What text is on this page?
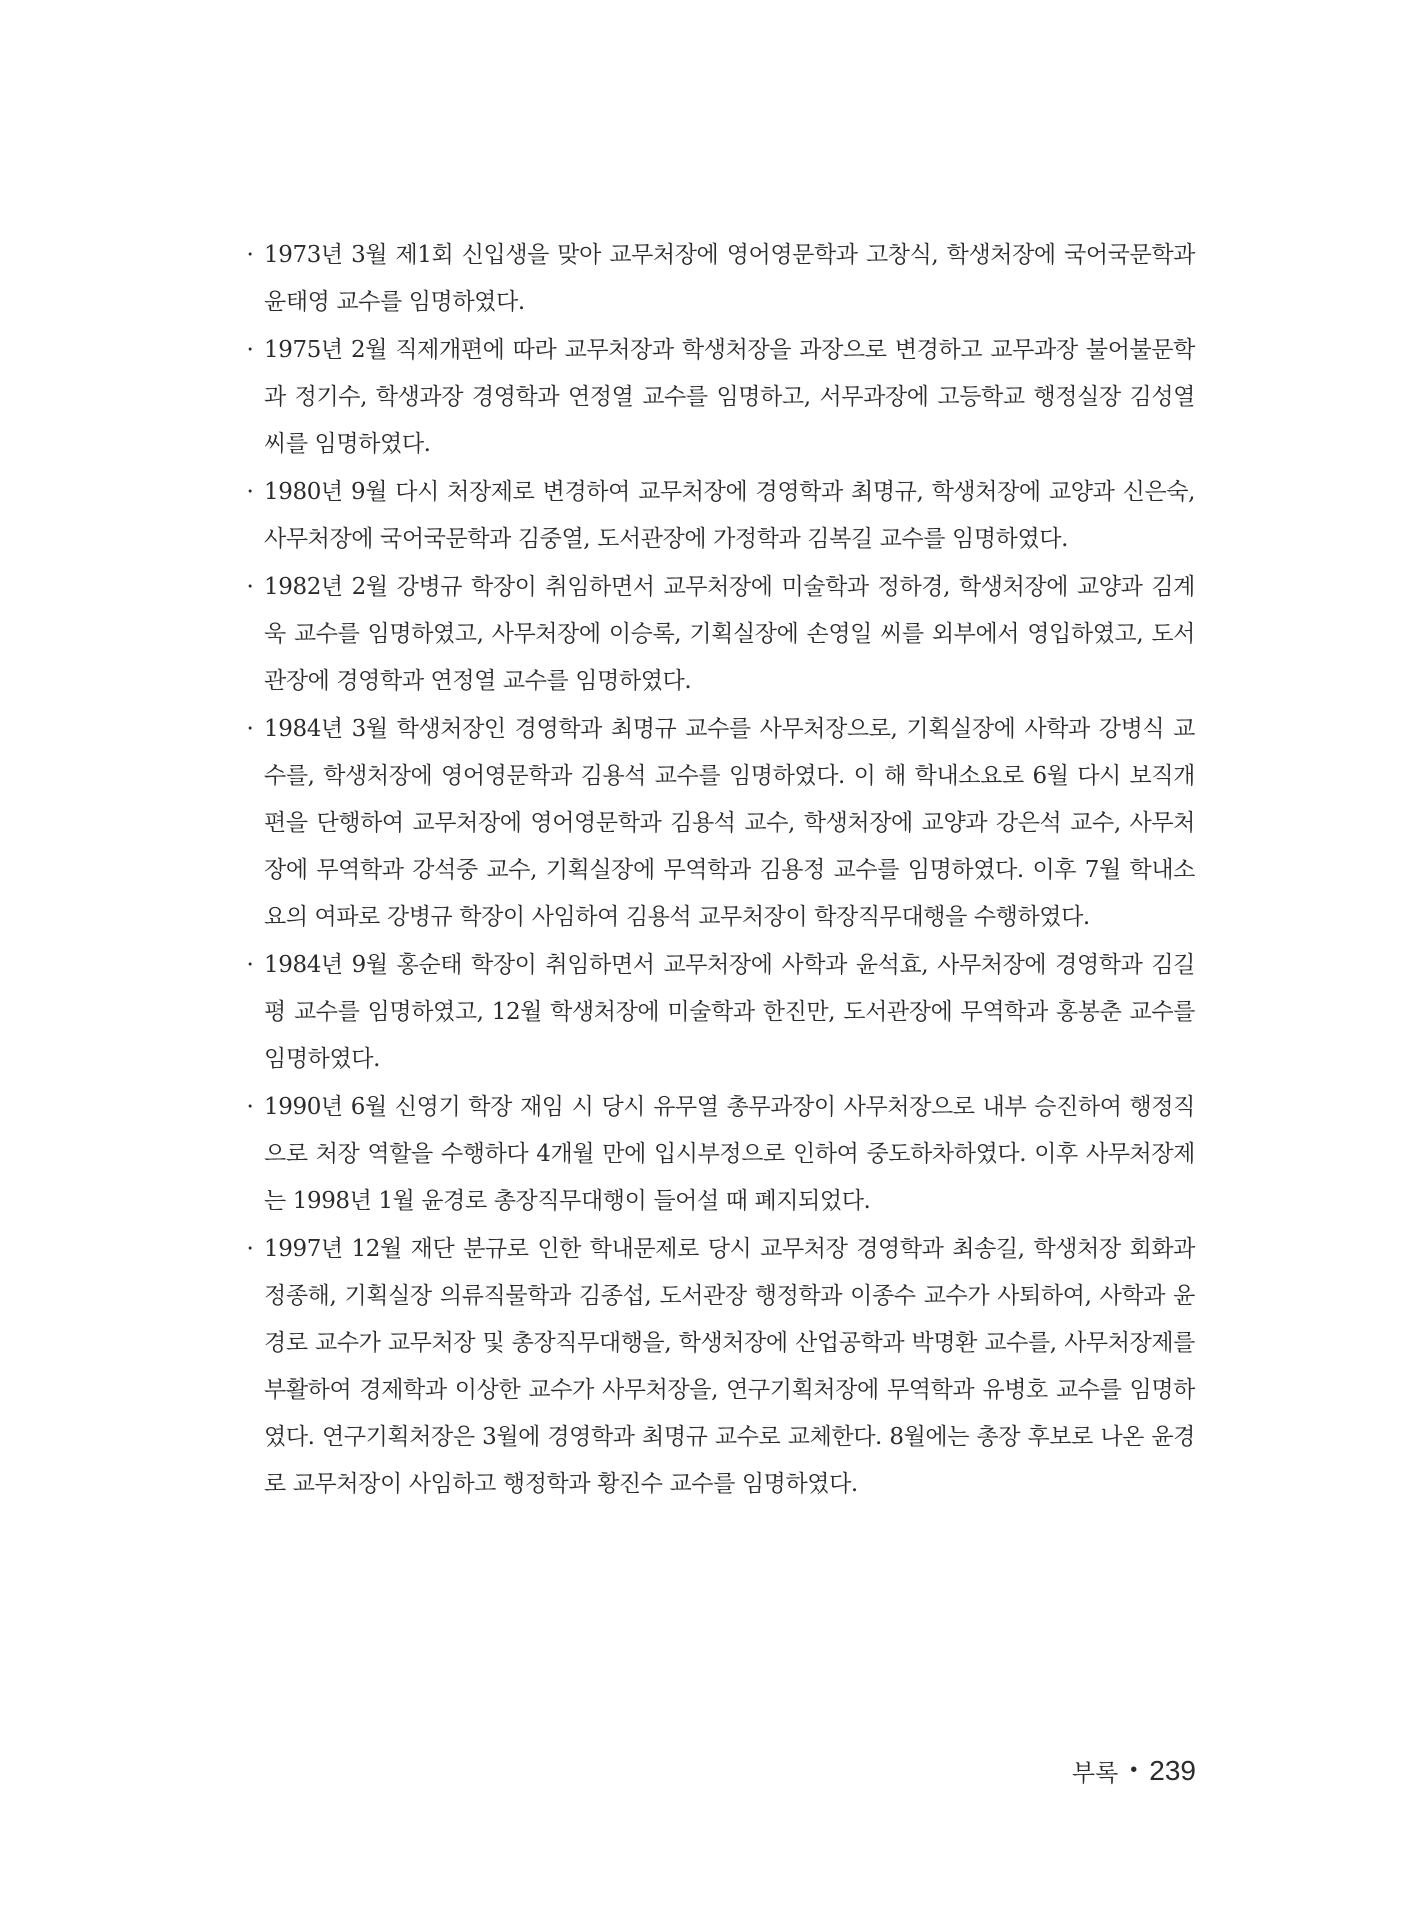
· 1973년 3월 제1회 신입생을 맞아 교무처장에 영어영문학과 고창식, 학생처장에 국어국문학과 윤태영 교수를 임명하였다.
· 1975년 2월 직제개편에 따라 교무처장과 학생처장을 과장으로 변경하고 교무과장 불어불문학과 정기수, 학생과장 경영학과 연정열 교수를 임명하고, 서무과장에 고등학교 행정실장 김성열 씨를 임명하였다.
· 1980년 9월 다시 처장제로 변경하여 교무처장에 경영학과 최명규, 학생처장에 교양과 신은숙, 사무처장에 국어국문학과 김중열, 도서관장에 가정학과 김복길 교수를 임명하였다.
· 1982년 2월 강병규 학장이 취임하면서 교무처장에 미술학과 정하경, 학생처장에 교양과 김계욱 교수를 임명하였고, 사무처장에 이승록, 기획실장에 손영일 씨를 외부에서 영입하였고, 도서관장에 경영학과 연정열 교수를 임명하였다.
· 1984년 3월 학생처장인 경영학과 최명규 교수를 사무처장으로, 기획실장에 사학과 강병식 교수를, 학생처장에 영어영문학과 김용석 교수를 임명하였다. 이 해 학내소요로 6월 다시 보직개편을 단행하여 교무처장에 영어영문학과 김용석 교수, 학생처장에 교양과 강은석 교수, 사무처장에 무역학과 강석중 교수, 기획실장에 무역학과 김용정 교수를 임명하였다. 이후 7월 학내소요의 여파로 강병규 학장이 사임하여 김용석 교무처장이 학장직무대행을 수행하였다.
· 1984년 9월 홍순태 학장이 취임하면서 교무처장에 사학과 윤석효, 사무처장에 경영학과 김길평 교수를 임명하였고, 12월 학생처장에 미술학과 한진만, 도서관장에 무역학과 홍봉춘 교수를 임명하였다.
· 1990년 6월 신영기 학장 재임 시 당시 유무열 총무과장이 사무처장으로 내부 승진하여 행정직으로 처장 역할을 수행하다 4개월 만에 입시부정으로 인하여 중도하차하였다. 이후 사무처장제는 1998년 1월 윤경로 총장직무대행이 들어설 때 폐지되었다.
· 1997년 12월 재단 분규로 인한 학내문제로 당시 교무처장 경영학과 최송길, 학생처장 회화과 정종해, 기획실장 의류직물학과 김종섭, 도서관장 행정학과 이종수 교수가 사퇴하여, 사학과 윤경로 교수가 교무처장 및 총장직무대행을, 학생처장에 산업공학과 박명환 교수를, 사무처장제를 부활하여 경제학과 이상한 교수가 사무처장을, 연구기획처장에 무역학과 유병호 교수를 임명하였다. 연구기획처장은 3월에 경영학과 최명규 교수로 교체한다. 8월에는 총장 후보로 나온 윤경로 교무처장이 사임하고 행정학과 황진수 교수를 임명하였다.
부록 • 239
